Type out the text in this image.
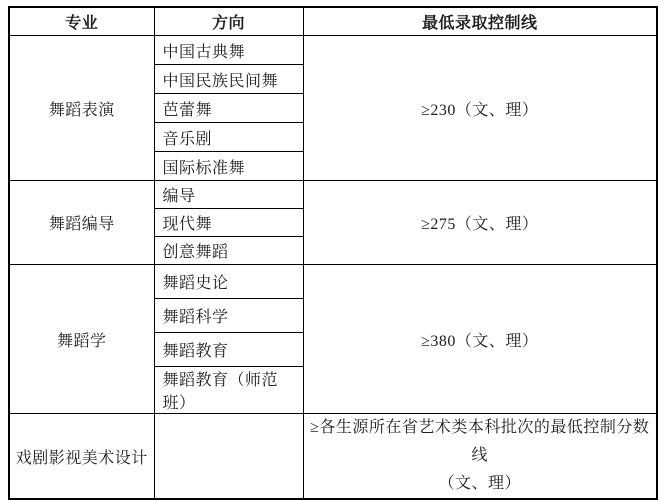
专业	方向	最低录取控制线
舞蹈表演	中国古典舞	≥230（文、理）
	中国民族民间舞	
	芭蕾舞	
	音乐剧	
	国际标准舞	
舞蹈编导	编导	≥275（文、理）
	现代舞	
	创意舞蹈	
舞蹈学	舞蹈史论	≥380（文、理）
	舞蹈科学	
	舞蹈教育	
	舞蹈教育（师范班）	
戏剧影视美术设计		≥各生源所在省艺术类本科批次的最低控制分数线
（文、理）
